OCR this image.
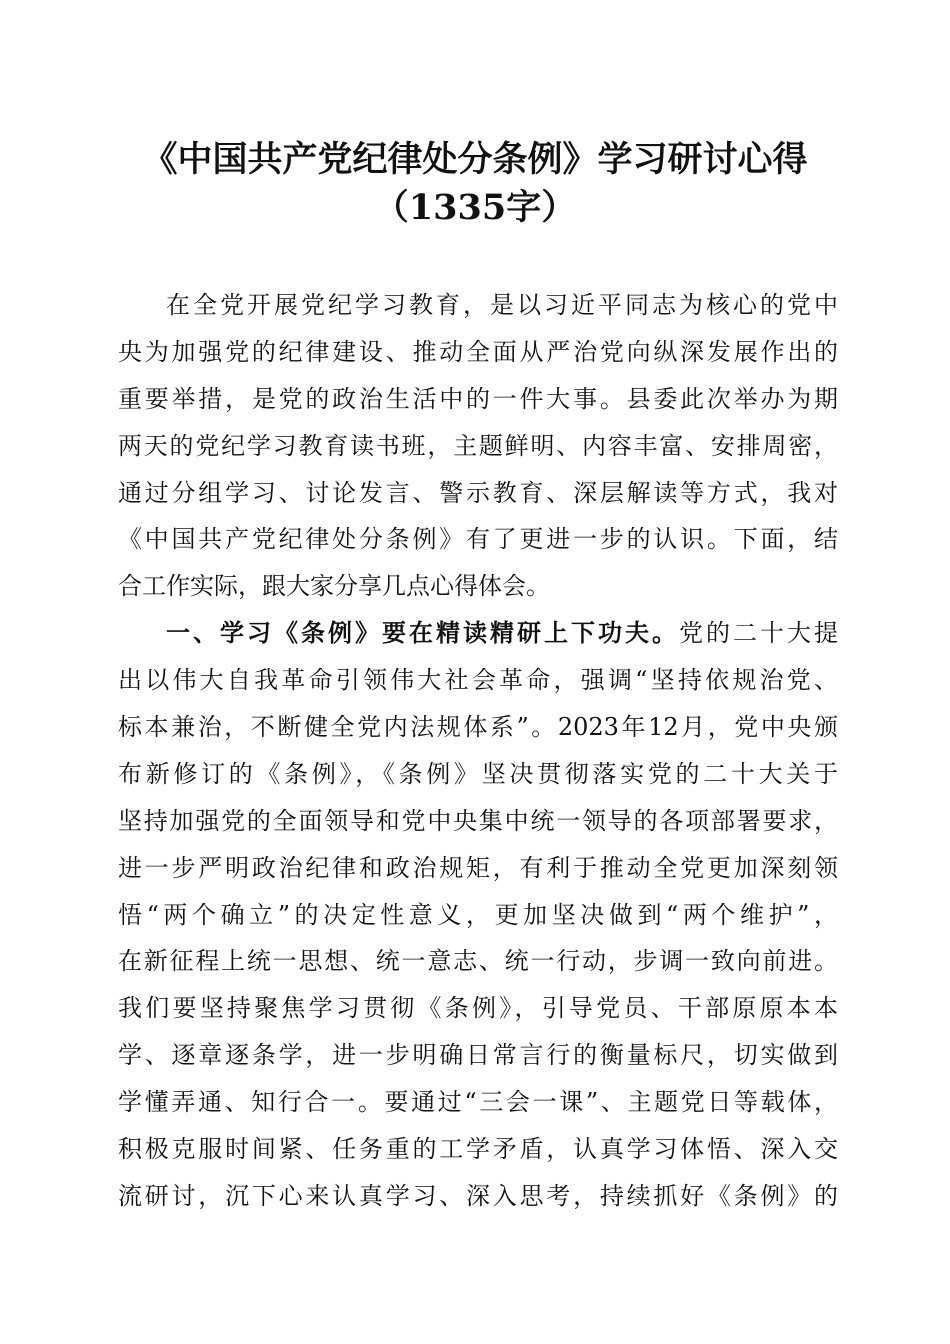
《中国共产党纪律处分条例》学习研讨心得
（1335字）
在全党开展党纪学习教育，是以习近平同志为核心的党中
央为加强党的纪律建设、推动全面从严治党向纵深发展作出的
重要举措，是党的政治生活中的一件大事。县委此次举办为期
两天的党纪学习教育读书班，主题鲜明、内容丰富、安排周密，
通过分组学习、讨论发言、警示教育、深层解读等方式，我对
《中国共产党纪律处分条例》有了更进一步的认识。下面，结
合工作实际，跟大家分享几点心得体会。
一、学习《条例》要在精读精研上下功夫。党的二十大提
出以伟大自我革命引领伟大社会革命，强调“坚持依规治党、
标本兼治，不断健全党内法规体系”。2023年12月，党中央颁
布新修订的《条例》，《条例》坚决贯彻落实党的二十大关于
坚持加强党的全面领导和党中央集中统一领导的各项部署要求，
进一步严明政治纪律和政治规矩，有利于推动全党更加深刻领
悟“两个确立”的决定性意义，更加坚决做到“两个维护”，
在新征程上统一思想、统一意志、统一行动，步调一致向前进。
我们要坚持聚焦学习贯彻《条例》，引导党员、干部原原本本
学、逐章逐条学，进一步明确日常言行的衡量标尺，切实做到
学懂弄通、知行合一。要通过“三会一课”、主题党日等载体，
积极克服时间紧、任务重的工学矛盾，认真学习体悟、深入交
流研讨，沉下心来认真学习、深入思考，持续抓好《条例》的
